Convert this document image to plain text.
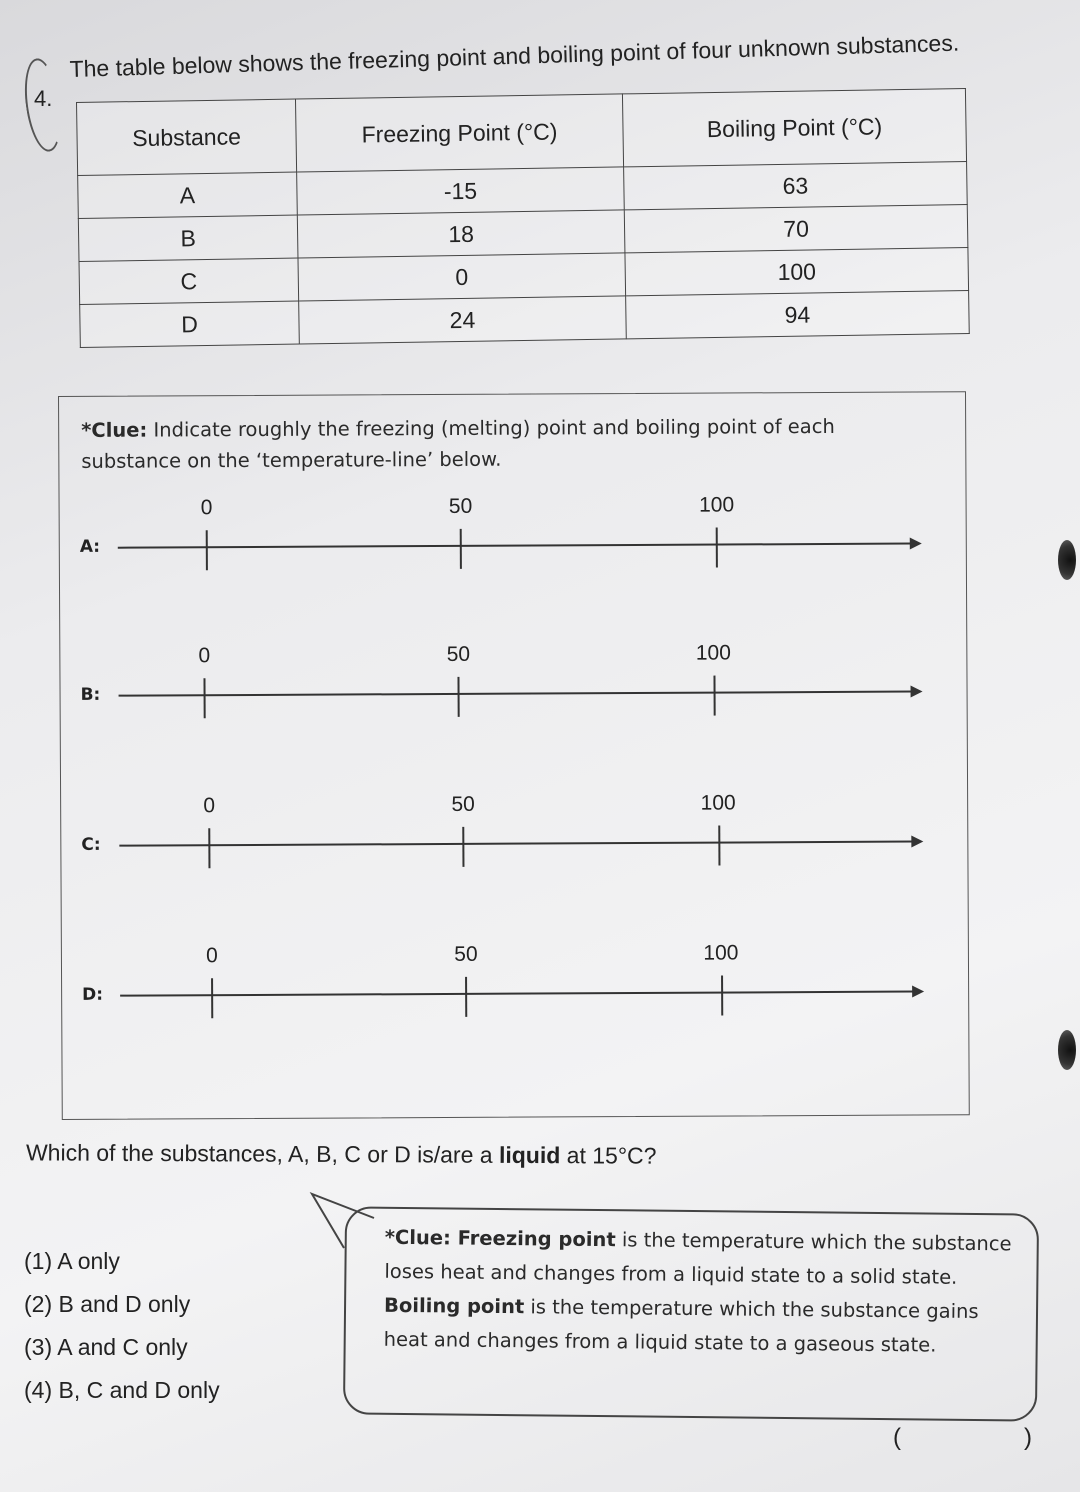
4.
The table below shows the freezing point and boiling point of four unknown substances.
Substance	Freezing Point (°C)	Boiling Point (°C)
A	-15	63
B	18	70
C	0	100
D	24	94
*Clue: Indicate roughly the freezing (melting) point and boiling point of each substance on the ‘temperature-line’ below.
A:
0	50	100
B:
0	50	100
C:
0	50	100
D:
0	50	100
Which of the substances, A, B, C or D is/are a liquid at 15°C?
(1) A only
(2) B and D only
(3) A and C only
(4) B, C and D only
*Clue: Freezing point is the temperature which the substance loses heat and changes from a liquid state to a solid state.
Boiling point is the temperature which the substance gains heat and changes from a liquid state to a gaseous state.
(	)
